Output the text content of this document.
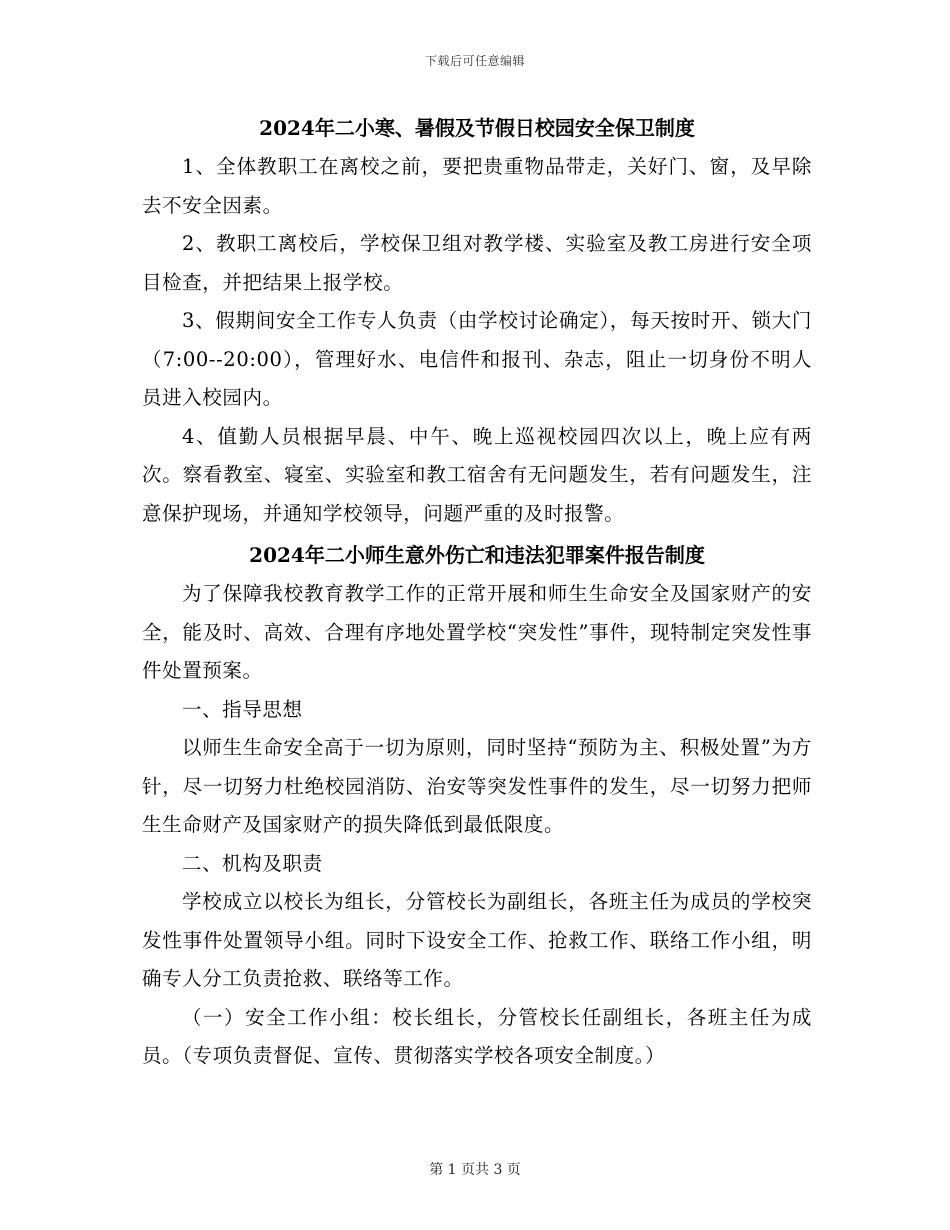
下载后可任意编辑
2024年二小寒、暑假及节假日校园安全保卫制度

1、全体教职工在离校之前，要把贵重物品带走，关好门、窗，及早除去不安全因素。

2、教职工离校后，学校保卫组对教学楼、实验室及教工房进行安全项目检查，并把结果上报学校。

3、假期间安全工作专人负责（由学校讨论确定），每天按时开、锁大门（7:00--20:00），管理好水、电信件和报刊、杂志，阻止一切身份不明人员进入校园内。

4、值勤人员根据早晨、中午、晚上巡视校园四次以上，晚上应有两次。察看教室、寝室、实验室和教工宿舍有无问题发生，若有问题发生，注意保护现场，并通知学校领导，问题严重的及时报警。

2024年二小师生意外伤亡和违法犯罪案件报告制度

为了保障我校教育教学工作的正常开展和师生生命安全及国家财产的安全，能及时、高效、合理有序地处置学校“突发性”事件，现特制定突发性事件处置预案。

一、指导思想

以师生生命安全高于一切为原则，同时坚持“预防为主、积极处置”为方针，尽一切努力杜绝校园消防、治安等突发性事件的发生，尽一切努力把师生生命财产及国家财产的损失降低到最低限度。

二、机构及职责

学校成立以校长为组长，分管校长为副组长，各班主任为成员的学校突发性事件处置领导小组。同时下设安全工作、抢救工作、联络工作小组，明确专人分工负责抢救、联络等工作。

（一）安全工作小组：校长组长，分管校长任副组长，各班主任为成员。（专项负责督促、宣传、贯彻落实学校各项安全制度。）

第 1 页共 3 页
